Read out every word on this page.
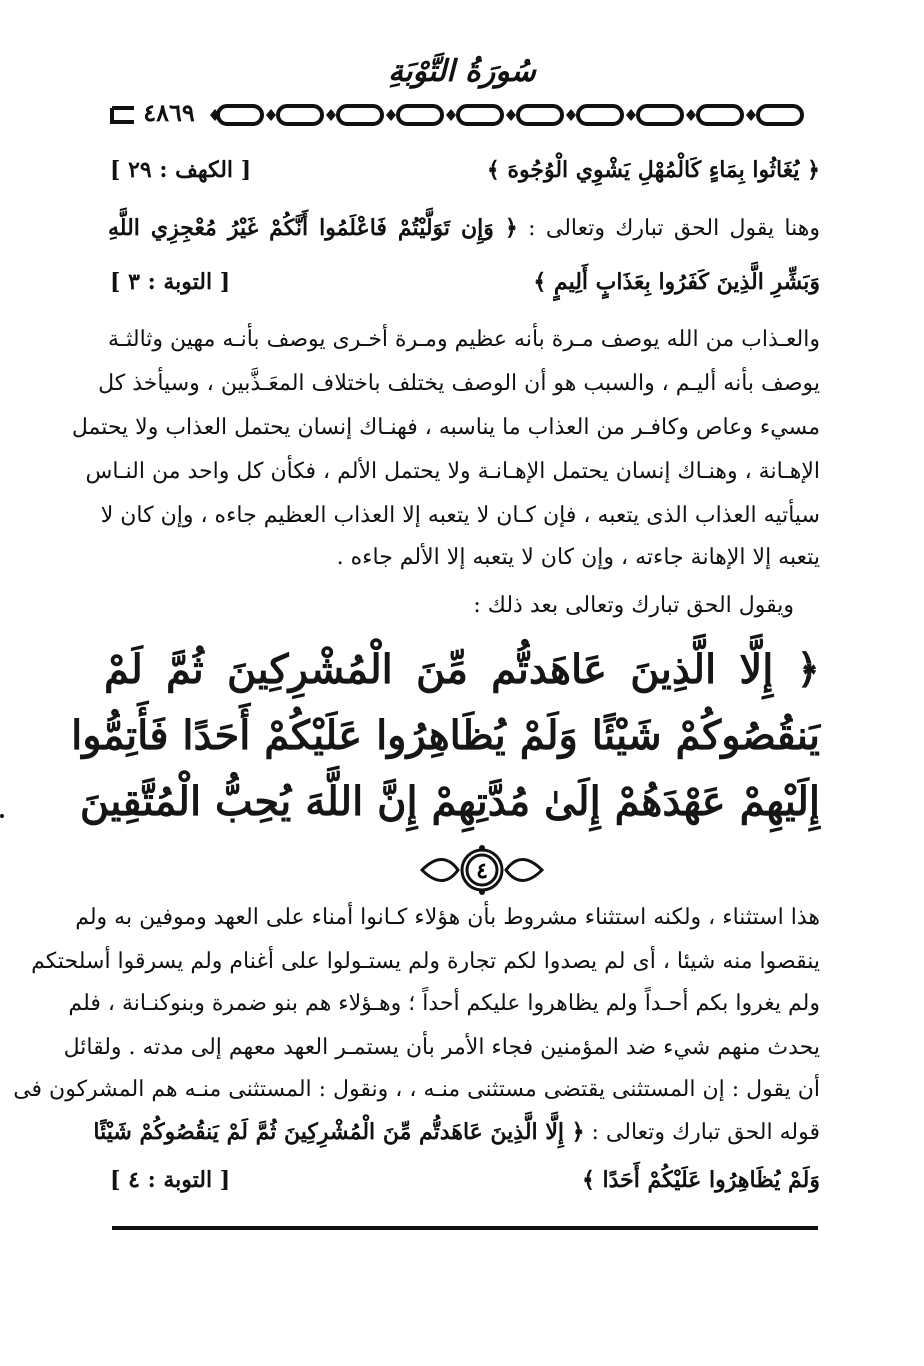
سُورَةُ التَّوْبَةِ
٤٨٦٩
﴿ يُغَاثُوا بِمَاءٍ كَالْمُهْلِ يَشْوِي الْوُجُوهَ ﴾
[ الكهف : ٢٩ ]
وهنا يقول الحق تبارك وتعالى : ﴿ وَإِن تَوَلَّيْتُمْ فَاعْلَمُوا أَنَّكُمْ غَيْرُ مُعْجِزِي اللَّهِ
وَبَشِّرِ الَّذِينَ كَفَرُوا بِعَذَابٍ أَلِيمٍ ﴾
[ التوبة : ٣ ]
والعـذاب من الله يوصف مـرة بأنه عظيم ومـرة أخـرى يوصف بأنـه مهين وثالثـة
يوصف بأنه أليـم ، والسبب هو أن الوصف يختلف باختلاف المعَـذَّبين ، وسيأخذ كل
مسيء وعاص وكافـر من العذاب ما يناسبه ، فهنـاك إنسان يحتمل العذاب ولا يحتمل
الإهـانة ، وهنـاك إنسان يحتمل الإهـانـة ولا يحتمل الألم ، فكأن كل واحد من النـاس
سيأتيه العذاب الذى يتعبه ، فإن كـان لا يتعبه إلا العذاب العظيم جاءه ، وإن كان لا
يتعبه إلا الإهانة جاءته ، وإن كان لا يتعبه إلا الألم جاءه .
ويقول الحق تبارك وتعالى بعد ذلك :
﴿ إِلَّا الَّذِينَ عَاهَدتُّم مِّنَ الْمُشْرِكِينَ ثُمَّ لَمْ
يَنقُصُوكُمْ شَيْئًا وَلَمْ يُظَاهِرُوا عَلَيْكُمْ أَحَدًا فَأَتِمُّوا
إِلَيْهِمْ عَهْدَهُمْ إِلَىٰ مُدَّتِهِمْ إِنَّ اللَّهَ يُحِبُّ الْمُتَّقِينَ
٤
هذا استثناء ، ولكنه استثناء مشروط بأن هؤلاء كـانوا أمناء على العهد وموفين به ولم
ينقصوا منه شيئا ، أى لم يصدوا لكم تجارة ولم يستـولوا على أغنام ولم يسرقوا أسلحتكم
ولم يغروا بكم أحـداً ولم يظاهروا عليكم أحداً ؛ وهـؤلاء هم بنو ضمرة وبنوكنـانة ، فلم
يحدث منهم شيء ضد المؤمنين فجاء الأمر بأن يستمـر العهد معهم إلى مدته . ولقائل
أن يقول : إن المستثنى يقتضى مستثنى منـه ، ، ونقول : المستثنى منـه هم المشركون فى
قوله الحق تبارك وتعالى : ﴿ إِلَّا الَّذِينَ عَاهَدتُّم مِّنَ الْمُشْرِكِينَ ثُمَّ لَمْ يَنقُصُوكُمْ شَيْئًا
وَلَمْ يُظَاهِرُوا عَلَيْكُمْ أَحَدًا ﴾
[ التوبة : ٤ ]
